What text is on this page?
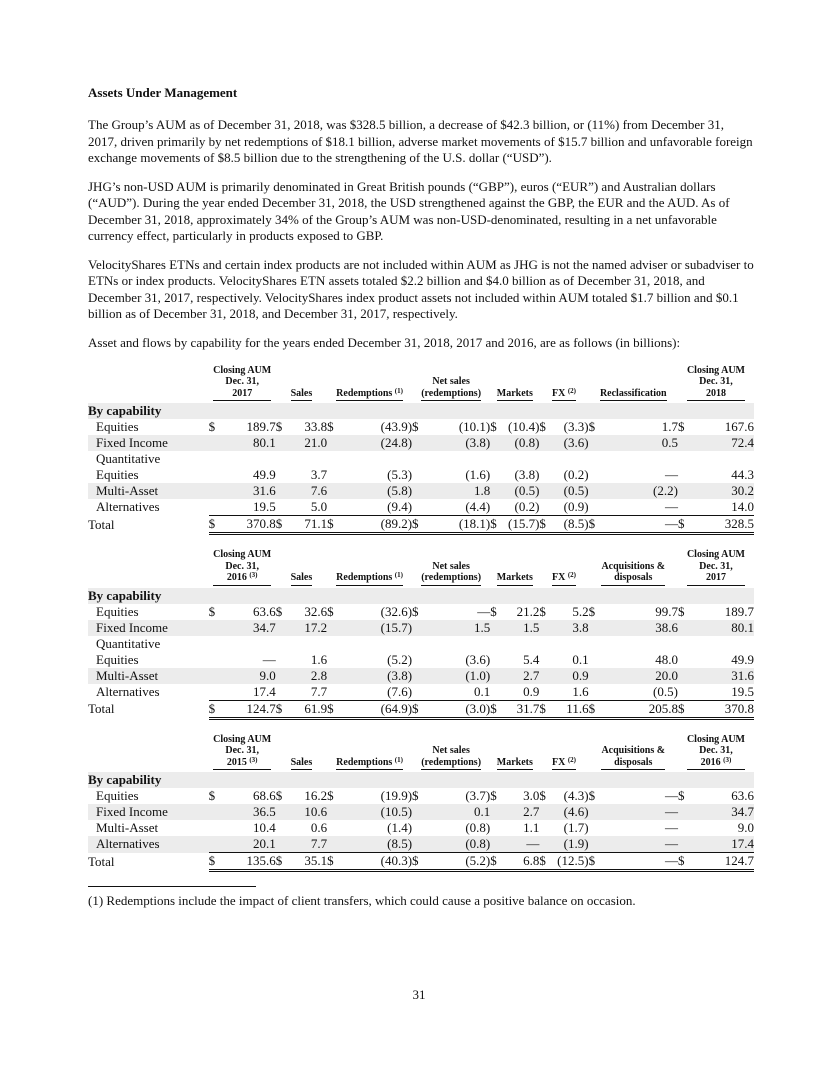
Assets Under Management

The Group’s AUM as of December 31, 2018, was $328.5 billion, a decrease of $42.3 billion, or (11%) from December 31, 2017, driven primarily by net redemptions of $18.1 billion, adverse market movements of $15.7 billion and unfavorable foreign exchange movements of $8.5 billion due to the strengthening of the U.S. dollar (“USD”).

JHG’s non-USD AUM is primarily denominated in Great British pounds (“GBP”), euros (“EUR”) and Australian dollars (“AUD”). During the year ended December 31, 2018, the USD strengthened against the GBP, the EUR and the AUD. As of December 31, 2018, approximately 34% of the Group’s AUM was non-USD-denominated, resulting in a net unfavorable currency effect, particularly in products exposed to GBP.

VelocityShares ETNs and certain index products are not included within AUM as JHG is not the named adviser or subadviser to ETNs or index products. VelocityShares ETN assets totaled $2.2 billion and $4.0 billion as of December 31, 2018, and December 31, 2017, respectively. VelocityShares index product assets not included within AUM totaled $1.7 billion and $0.1 billion as of December 31, 2018, and December 31, 2017, respectively.

Asset and flows by capability for the years ended December 31, 2018, 2017 and 2016, are as follows (in billions):

	Closing AUM
Dec. 31,
2017		Sales		Redemptions $^{(1)}$		Net sales
(redemptions)		Markets		FX $^{(2)}$		Reclassification		Closing AUM
Dec. 31,
2018	
By capability																
Equities	$	189.7	$	33.8	$	(43.9)	$	(10.1)	$	(10.4)	$	(3.3)	$	1.7	$	167.6
Fixed Income		80.1		21.0		(24.8)		(3.8)		(0.8)		(3.6)		0.5		72.4
Quantitative																
Equities		49.9		3.7		(5.3)		(1.6)		(3.8)		(0.2)		—		44.3
Multi-Asset		31.6		7.6		(5.8)		1.8		(0.5)		(0.5)		(2.2)		30.2
Alternatives		19.5		5.0		(9.4)		(4.4)		(0.2)		(0.9)		—		14.0
Total	$	370.8	$	71.1	$	(89.2)	$	(18.1)	$	(15.7)	$	(8.5)	$	—	$	328.5
	Closing AUM
Dec. 31,
2016 $^{(3)}$		Sales		Redemptions $^{(1)}$		Net sales
(redemptions)		Markets		FX $^{(2)}$		Acquisitions &
disposals		Closing AUM
Dec. 31,
2017	
By capability																
Equities	$	63.6	$	32.6	$	(32.6)	$	—	$	21.2	$	5.2	$	99.7	$	189.7
Fixed Income		34.7		17.2		(15.7)		1.5		1.5		3.8		38.6		80.1
Quantitative																
Equities		—		1.6		(5.2)		(3.6)		5.4		0.1		48.0		49.9
Multi-Asset		9.0		2.8		(3.8)		(1.0)		2.7		0.9		20.0		31.6
Alternatives		17.4		7.7		(7.6)		0.1		0.9		1.6		(0.5)		19.5
Total	$	124.7	$	61.9	$	(64.9)	$	(3.0)	$	31.7	$	11.6	$	205.8	$	370.8
	Closing AUM
Dec. 31,
2015 $^{(3)}$		Sales		Redemptions $^{(1)}$		Net sales
(redemptions)		Markets		FX $^{(2)}$		Acquisitions &
disposals		Closing AUM
Dec. 31,
2016 $^{(3)}$
By capability																
Equities	$	68.6	$	16.2	$	(19.9)	$	(3.7)	$	3.0	$	(4.3)	$	—	$	63.6
Fixed Income		36.5		10.6		(10.5)		0.1		2.7		(4.6)		—		34.7
Multi-Asset		10.4		0.6		(1.4)		(0.8)		1.1		(1.7)		—		9.0
Alternatives		20.1		7.7		(8.5)		(0.8)		—		(1.9)		—		17.4
Total	$	135.6	$	35.1	$	(40.3)	$	(5.2)	$	6.8	$	(12.5)	$	—	$	124.7
(1) Redemptions include the impact of client transfers, which could cause a positive balance on occasion.
31
